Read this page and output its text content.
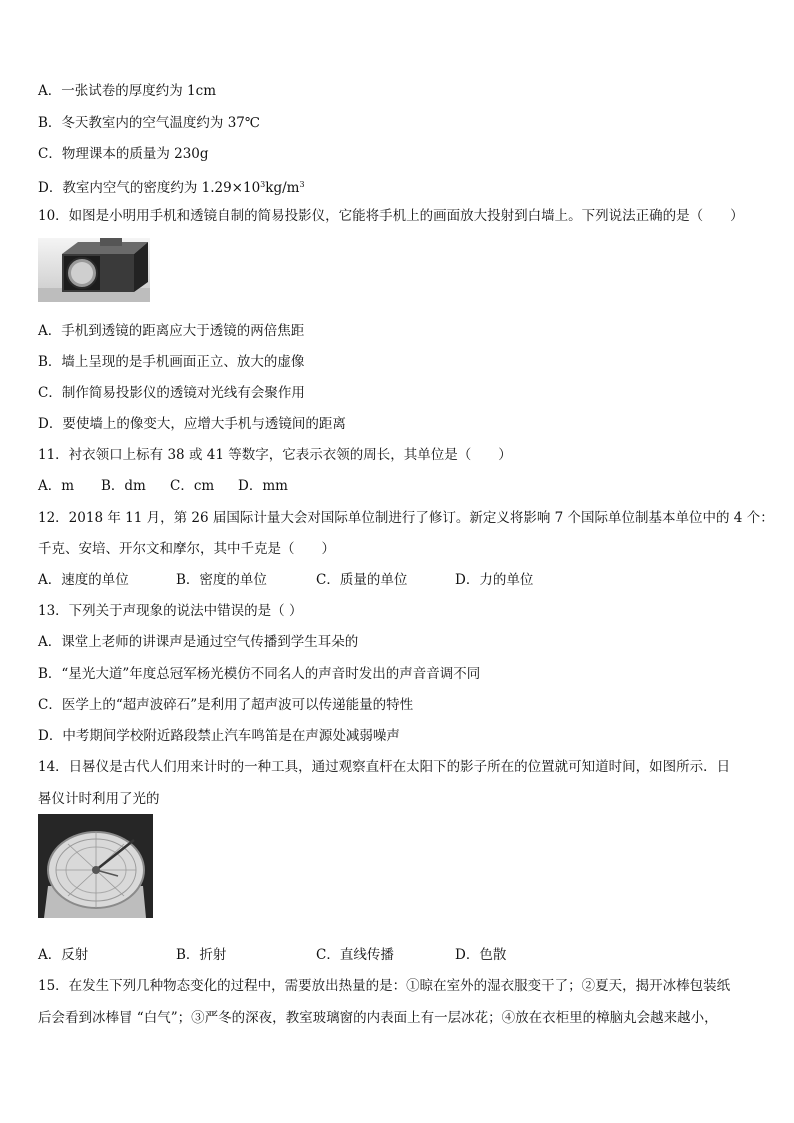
A．一张试卷的厚度约为 1cm
B．冬天教室内的空气温度约为 37℃
C．物理课本的质量为 230g
D．教室内空气的密度约为 $1.29\times 10^3kg/m^3$
10．如图是小明用手机和透镜自制的简易投影仪，它能将手机上的画面放大投射到白墙上。下列说法正确的是（　　）
A．手机到透镜的距离应大于透镜的两倍焦距
B．墙上呈现的是手机画面正立、放大的虚像
C．制作简易投影仪的透镜对光线有会聚作用
D．要使墙上的像变大，应增大手机与透镜间的距离
11．衬衣领口上标有 38 或 41 等数字，它表示衣领的周长，其单位是（　　）
A．m B．dm C．cm D．mm
12．2018 年 11 月，第 26 届国际计量大会对国际单位制进行了修订。新定义将影响 7 个国际单位制基本单位中的 4 个：
千克、安培、开尔文和摩尔，其中千克是（　　）
A．速度的单位	B．密度的单位	C．质量的单位	D．力的单位
13．下列关于声现象的说法中错误的是（ ）
A．课堂上老师的讲课声是通过空气传播到学生耳朵的
B．“星光大道”年度总冠军杨光模仿不同名人的声音时发出的声音音调不同
C．医学上的“超声波碎石”是利用了超声波可以传递能量的特性
D．中考期间学校附近路段禁止汽车鸣笛是在声源处减弱噪声
14．日晷仪是古代人们用来计时的一种工具，通过观察直杆在太阳下的影子所在的位置就可知道时间，如图所示．日
晷仪计时利用了光的
A．反射	B．折射	C．直线传播	D．色散
15．在发生下列几种物态变化的过程中，需要放出热量的是：①晾在室外的湿衣服变干了；②夏天，揭开冰棒包装纸
后会看到冰棒冒 “白气”；③严冬的深夜，教室玻璃窗的内表面上有一层冰花；④放在衣柜里的樟脑丸会越来越小，
